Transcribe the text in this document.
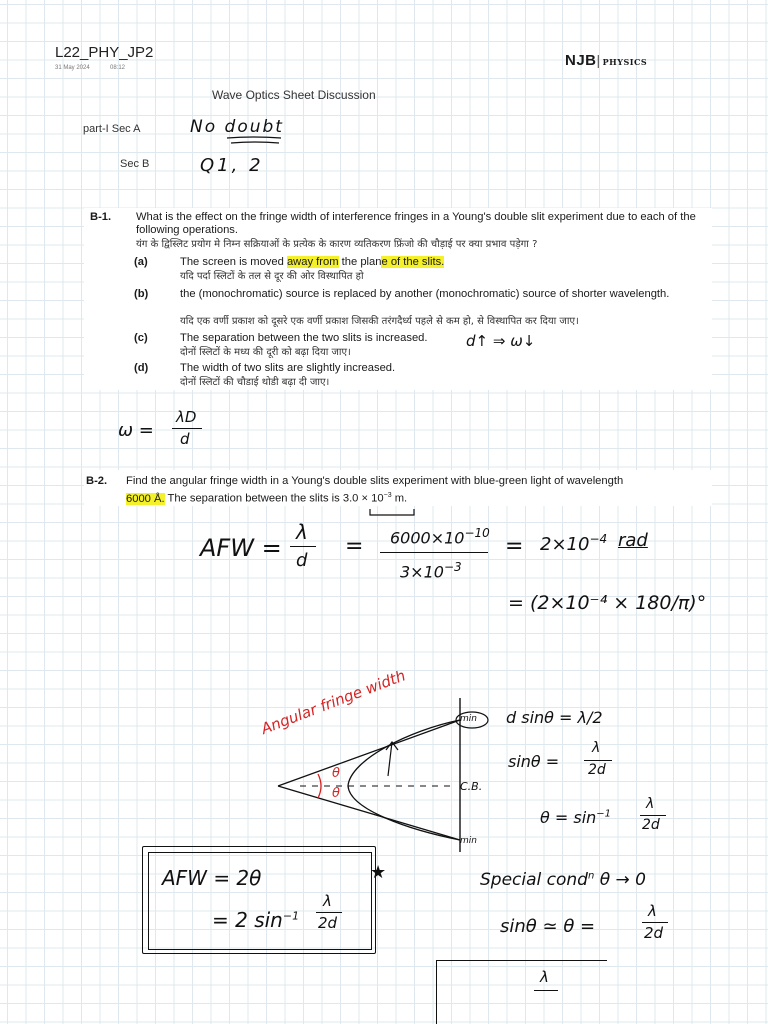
L22_PHY_JP2
31 May 2024	08:12	NJB| PHYSICS
Wave Optics Sheet Discussion
part-I Sec A	No doubt
Sec B	Q1, 2
B-1. What is the effect on the fringe width of interference fringes in a Young's double slit experiment due to each of the following operations.
यंग के द्विस्लिट प्रयोग मे निम्न सक्रियाओं के प्रत्येक के कारण व्यतिकरण फ्रिंजो की चौड़ाई पर क्या प्रभाव पड़ेगा ?
(a)	The screen is moved away from the plane of the slits.
यदि पर्दा स्लिटों के तल से दूर की ओर विस्थापित हो
(b)	the (monochromatic) source is replaced by another (monochromatic) source of shorter wavelength.
यदि एक वर्णी प्रकाश को दूसरे एक वर्णी प्रकाश जिसकी तरंगदैर्ध्य पहले से कम हो, से विस्थापित कर दिया जाए।
(c)	The separation between the two slits is increased.
दोनों स्लिटों के मध्य की दूरी को बढ़ा दिया जाए।
d↑ ⇒ ω↓
(d)	The width of two slits are slightly increased.
दोनों स्लिटों की चौडाई थोडी बढ़ा दी जाए।
ω =
λD
d
B-2. Find the angular fringe width in a Young's double slits experiment with blue-green light of wavelength
6000 Å. The separation between the slits is $3.0 \times 10^{-3}$ m.
AFW =
λ
d
= $6000\times 10^{-10}$
$3\times 10^{-3}$
= $2\times 10^{-4}$ rad
= (2×10⁻⁴ × 180/π)°
Angular fringe width
θ
θ	C.B.
min
min
d sinθ = λ/2
sinθ =
λ
2d
$\theta = \sin^{-1}$
λ
2d
AFW = 2θ
= 2 $\sin^{-1}$
λ
2d
★	Special cond$^n$ θ → 0
sinθ ≃ θ =
λ
2d
λ
